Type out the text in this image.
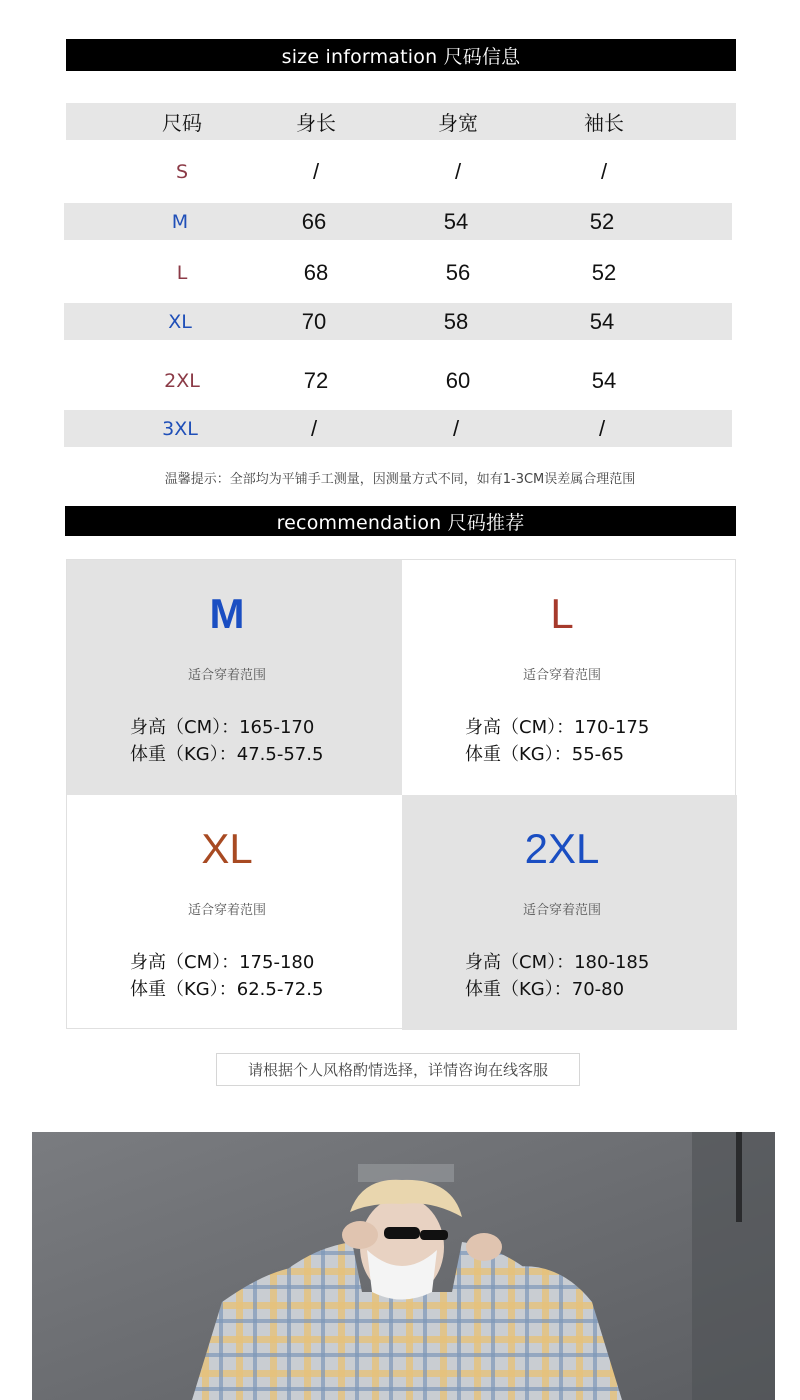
size information 尺码信息
尺码	身长	身宽	袖长
S	/	/	/
M	66	54	52
L	68	56	52
XL	70	58	54
2XL	72	60	54
3XL	/	/	/
温馨提示：全部均为平铺手工测量，因测量方式不同，如有1-3CM误差属合理范围
recommendation 尺码推荐
M
适合穿着范围
身高（CM）：165-170
体重（KG）：47.5-57.5
L
适合穿着范围
身高（CM）：170-175
体重（KG）：55-65
XL
适合穿着范围
身高（CM）：175-180
体重（KG）：62.5-72.5
2XL
适合穿着范围
身高（CM）：180-185
体重（KG）：70-80
请根据个人风格酌情选择，详情咨询在线客服
